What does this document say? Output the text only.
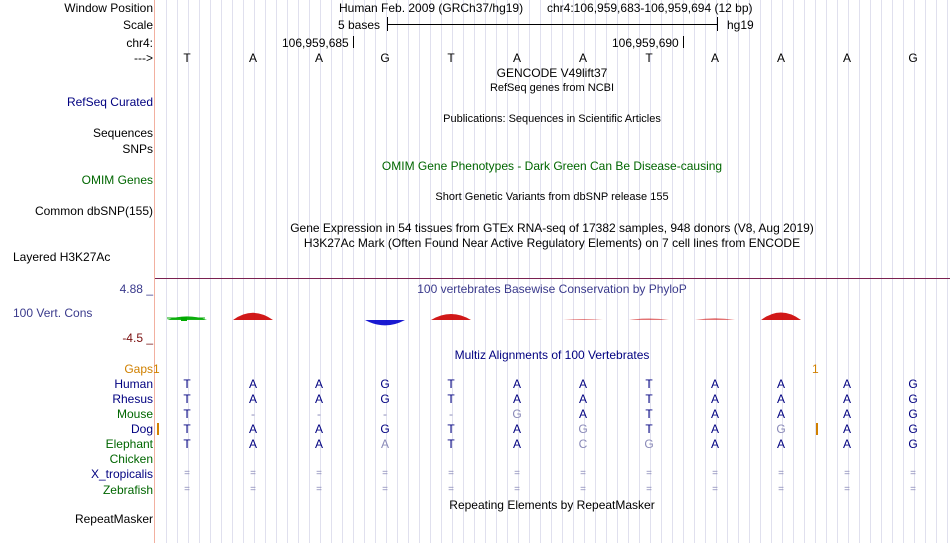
Window Position	Human Feb. 2009 (GRCh37/hg19) chr4:106,959,683-106,959,694 (12 bp)
Scale	5 bases	hg19
chr4:	106,959,685	106,959,690
--->	T	A	A	G	T	A	A	T	A	A	A	G
GENCODE V49lift37
RefSeq genes from NCBI
RefSeq Curated
Publications: Sequences in Scientific Articles
Sequences
SNPs
OMIM Gene Phenotypes - Dark Green Can Be Disease-causing
OMIM Genes
Short Genetic Variants from dbSNP release 155
Common dbSNP(155)
Gene Expression in 54 tissues from GTEx RNA-seq of 17382 samples, 948 donors (V8, Aug 2019)
H3K27Ac Mark (Often Found Near Active Regulatory Elements) on 7 cell lines from ENCODE
Layered H3K27Ac
4.88 _	100 vertebrates Basewise Conservation by PhyloP
100 Vert. Cons
-4.5 _
Multiz Alignments of 100 Vertebrates
Gaps 1	1
Human	T	A	A	G	T	A	A	T	A	A	A	G
Rhesus	T	A	A	G	T	A	A	T	A	A	A	G
Mouse	T	-	-	-	-	G	A	T	A	A	A	G
Dog	T	A	A	G	T	A	G	T	A	G	A	G
Elephant	T	A	A	A	T	A	C	G	A	A	A	G
Chicken
X_tropicalis	=	=	=	=	=	=	=	=	=	=	=	=
Zebrafish	=	=	=	=	=	=	=	=	=	=	=	=
Repeating Elements by RepeatMasker
RepeatMasker
